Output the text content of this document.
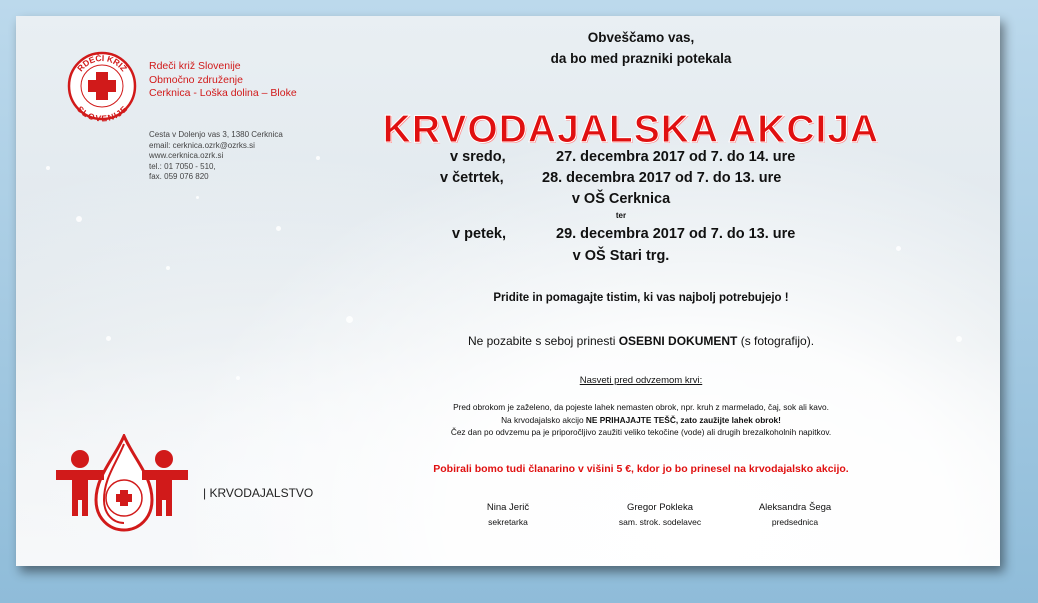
RDEČI KRIŽ
SLOVENIJE
Rdeči križ Slovenije
Območno združenje
Cerknica - Loška dolina – Bloke
Cesta v Dolenjo vas 3, 1380 Cerknica
email: cerknica.ozrk@ozrks.si
www.cerknica.ozrk.si
tel.: 01 7050 - 510,
fax. 059 076 820
Obveščamo vas,
da bo med prazniki potekala
KRVODAJALSKA AKCIJA
v sredo,	27. decembra 2017 od 7. do 14. ure
v četrtek,	28. decembra 2017 od 7. do 13. ure
v OŠ Cerknica
ter
v petek,	29. decembra 2017 od 7. do 13. ure
v OŠ Stari trg.
Pridite in pomagajte tistim, ki vas najbolj potrebujejo !
Ne pozabite s seboj prinesti OSEBNI DOKUMENT (s fotografijo).
Nasveti pred odvzemom krvi:
Pred obrokom je zaželeno, da pojeste lahek nemasten obrok, npr. kruh z marmelado, čaj, sok ali kavo.
Na krvodajalsko akcijo NE PRIHAJAJTE TEŠČ, zato zaužijte lahek obrok!
Čez dan po odvzemu pa je priporočljivo zaužiti veliko tekočine (vode) ali drugih brezalkoholnih napitkov.
Pobirali bomo tudi članarino v višini 5 €, kdor jo bo prinesel na krvodajalsko akcijo.
Nina Jerič
sekretarka
Gregor Pokleka
sam. strok. sodelavec
Aleksandra Šega
predsednica
| KRVODAJALSTVO
